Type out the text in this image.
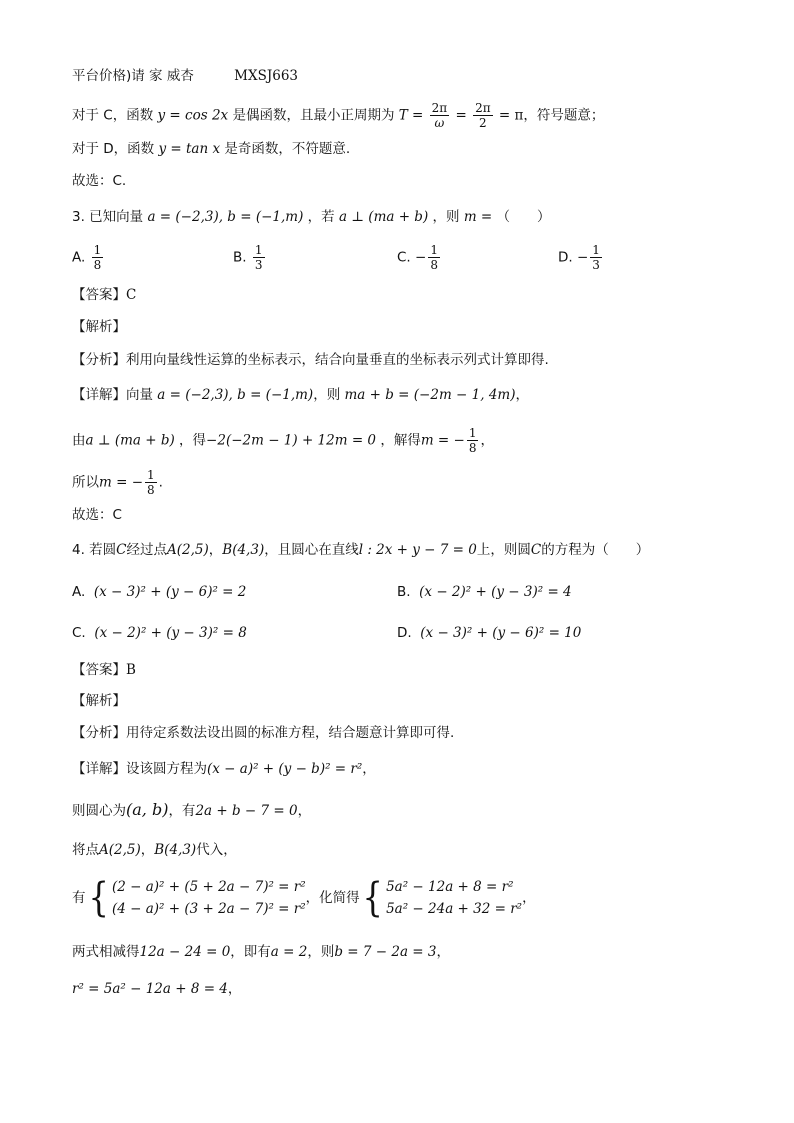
平台价格)请 家 威杏	MXSJ663
对于 C，函数 y = cos 2x 是偶函数，且最小正周期为 $T = \frac{2\pi}{\omega} = \frac{2\pi}{2} = \pi$，符号题意；
对于 D，函数 y = tan x 是奇函数，不符题意.
故选：C.
3. 已知向量 a = (−2,3), b = (−1,m) ，若 a ⊥ (ma + b) ，则 m = （　　）
A. $\frac{1}{8}$	B. $\frac{1}{3}$	C. − $\frac{1}{8}$	D. − $\frac{1}{3}$
【答案】C
【解析】
【分析】利用向量线性运算的坐标表示，结合向量垂直的坐标表示列式计算即得.
【详解】向量 a = (−2,3), b = (−1,m)，则 ma + b = (−2m − 1, 4m)，
由a ⊥ (ma + b) ，得−2(−2m − 1) + 12m = 0 ，解得m = − $\frac{1}{8}$ ，
所以m = − $\frac{1}{8}$ .
故选：C
4. 若圆C经过点A(2,5)，B(4,3)，且圆心在直线l : 2x + y − 7 = 0上，则圆C的方程为（　　）
A. (x − 3)² + (y − 6)² = 2	B. (x − 2)² + (y − 3)² = 4
C. (x − 2)² + (y − 3)² = 8	D. (x − 3)² + (y − 6)² = 10
【答案】B
【解析】
【分析】用待定系数法设出圆的标准方程，结合题意计算即可得.
【详解】设该圆方程为(x − a)² + (y − b)² = r²，
则圆心为(a, b)，有2a + b − 7 = 0，
将点A(2,5)，B(4,3)代入，
有{ (2 − a)² + (5 + 2a − 7)² = r²
(4 − a)² + (3 + 2a − 7)² = r²
，化简得{ 5a² − 12a + 8 = r²
5a² − 24a + 32 = r²
，
两式相减得12a − 24 = 0，即有a = 2，则b = 7 − 2a = 3，
r² = 5a² − 12a + 8 = 4，
